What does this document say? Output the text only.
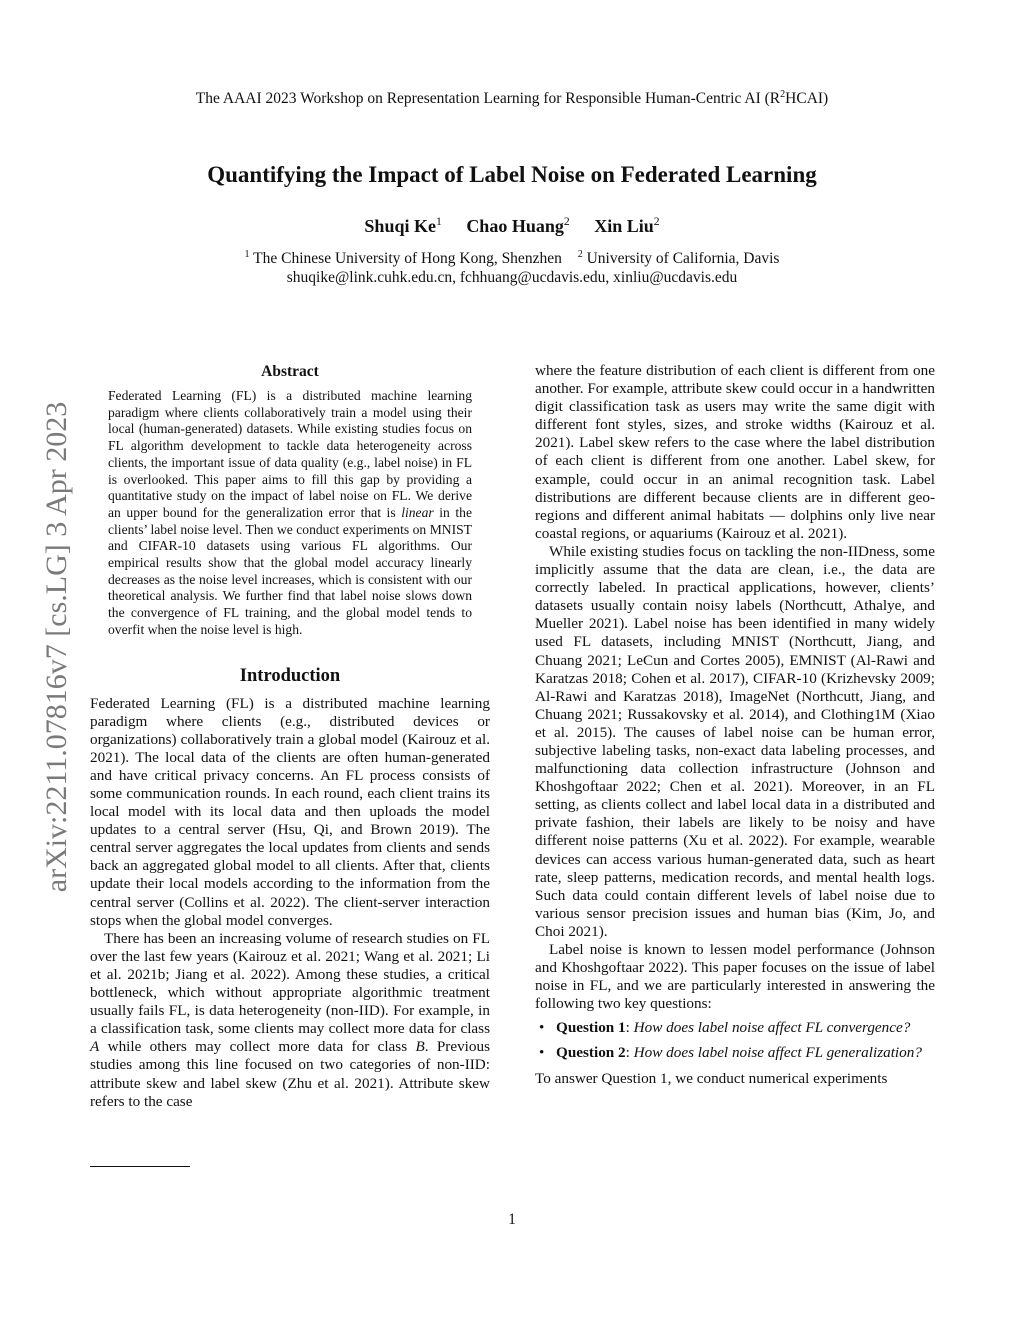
The AAAI 2023 Workshop on Representation Learning for Responsible Human-Centric AI $(R^2HCAI)$
Quantifying the Impact of Label Noise on Federated Learning
Shuqi Ke$^1$ Chao Huang$^2$ Xin Liu$^2$
$^1$ The Chinese University of Hong Kong, Shenzhen $^2$ University of California, Davis
shuqike@link.cuhk.edu.cn, fchhuang@ucdavis.edu, xinliu@ucdavis.edu
arXiv:2211.07816v7 [cs.LG] 3 Apr 2023
Abstract

Federated Learning (FL) is a distributed machine learning paradigm where clients collaboratively train a model using their local (human-generated) datasets. While existing studies focus on FL algorithm development to tackle data heterogeneity across clients, the important issue of data quality (e.g., label noise) in FL is overlooked. This paper aims to fill this gap by providing a quantitative study on the impact of label noise on FL. We derive an upper bound for the generalization error that is linear in the clients’ label noise level. Then we conduct experiments on MNIST and CIFAR-10 datasets using various FL algorithms. Our empirical results show that the global model accuracy linearly decreases as the noise level increases, which is consistent with our theoretical analysis. We further find that label noise slows down the convergence of FL training, and the global model tends to overfit when the noise level is high.

Introduction

Federated Learning (FL) is a distributed machine learning paradigm where clients (e.g., distributed devices or organizations) collaboratively train a global model (Kairouz et al. 2021). The local data of the clients are often human-generated and have critical privacy concerns. An FL process consists of some communication rounds. In each round, each client trains its local model with its local data and then uploads the model updates to a central server (Hsu, Qi, and Brown 2019). The central server aggregates the local updates from clients and sends back an aggregated global model to all clients. After that, clients update their local models according to the information from the central server (Collins et al. 2022). The client-server interaction stops when the global model converges.

There has been an increasing volume of research studies on FL over the last few years (Kairouz et al. 2021; Wang et al. 2021; Li et al. 2021b; Jiang et al. 2022). Among these studies, a critical bottleneck, which without appropriate algorithmic treatment usually fails FL, is data heterogeneity (non-IID). For example, in a classification task, some clients may collect more data for class A while others may collect more data for class B. Previous studies among this line focused on two categories of non-IID: attribute skew and label skew (Zhu et al. 2021). Attribute skew refers to the case

where the feature distribution of each client is different from one another. For example, attribute skew could occur in a handwritten digit classification task as users may write the same digit with different font styles, sizes, and stroke widths (Kairouz et al. 2021). Label skew refers to the case where the label distribution of each client is different from one another. Label skew, for example, could occur in an animal recognition task. Label distributions are different because clients are in different geo-regions and different animal habitats — dolphins only live near coastal regions, or aquariums (Kairouz et al. 2021).

While existing studies focus on tackling the non-IIDness, some implicitly assume that the data are clean, i.e., the data are correctly labeled. In practical applications, however, clients’ datasets usually contain noisy labels (Northcutt, Athalye, and Mueller 2021). Label noise has been identified in many widely used FL datasets, including MNIST (Northcutt, Jiang, and Chuang 2021; LeCun and Cortes 2005), EMNIST (Al-Rawi and Karatzas 2018; Cohen et al. 2017), CIFAR-10 (Krizhevsky 2009; Al-Rawi and Karatzas 2018), ImageNet (Northcutt, Jiang, and Chuang 2021; Russakovsky et al. 2014), and Clothing1M (Xiao et al. 2015). The causes of label noise can be human error, subjective labeling tasks, non-exact data labeling processes, and malfunctioning data collection infrastructure (Johnson and Khoshgoftaar 2022; Chen et al. 2021). Moreover, in an FL setting, as clients collect and label local data in a distributed and private fashion, their labels are likely to be noisy and have different noise patterns (Xu et al. 2022). For example, wearable devices can access various human-generated data, such as heart rate, sleep patterns, medication records, and mental health logs. Such data could contain different levels of label noise due to various sensor precision issues and human bias (Kim, Jo, and Choi 2021).

Label noise is known to lessen model performance (Johnson and Khoshgoftaar 2022). This paper focuses on the issue of label noise in FL, and we are particularly interested in answering the following two key questions:

• Question 1: How does label noise affect FL convergence?
• Question 2: How does label noise affect FL generalization?

To answer Question 1, we conduct numerical experiments

1
